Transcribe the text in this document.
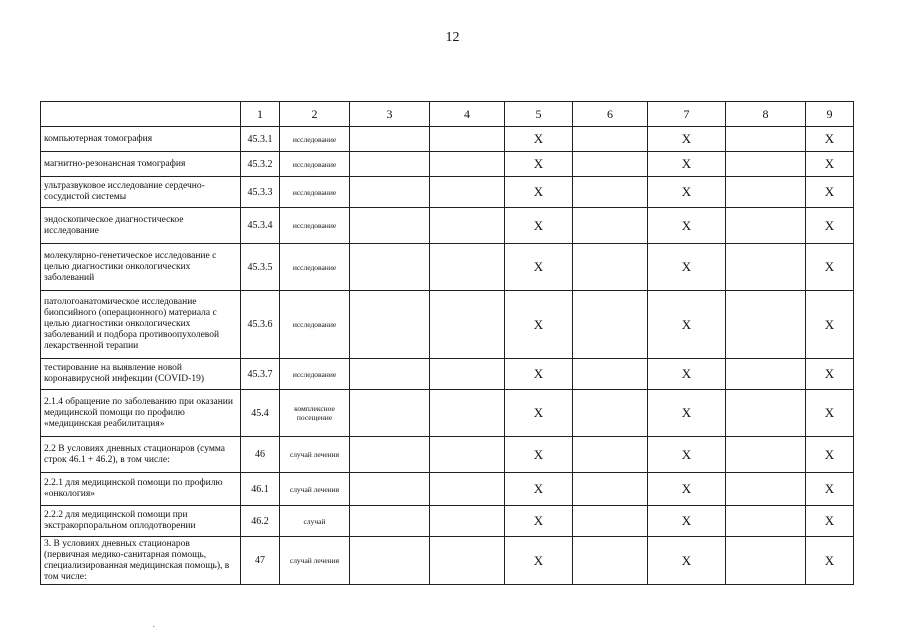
12
	1	2	3	4	5	6	7	8	9
компьютерная томография	45.3.1	исследование			X		X		X
магнитно-резонансная томография	45.3.2	исследование			X		X		X
ультразвуковое исследование сердечно-сосудистой системы	45.3.3	исследование			X		X		X
эндоскопическое диагностическое исследование	45.3.4	исследование			X		X		X
молекулярно-генетическое исследование с целью диагностики онкологических заболеваний	45.3.5	исследование			X		X		X
патологоанатомическое исследование биопсийного (операционного) материала с целью диагностики онкологических заболеваний и подбора противоопухолевой лекарственной терапии	45.3.6	исследование			X		X		X
тестирование на выявление новой коронавирусной инфекции (COVID-19)	45.3.7	исследование			X		X		X
2.1.4 обращение по заболеванию при оказании медицинской помощи по профилю «медицинская реабилитация»	45.4	комплексное посещение			X		X		X
2.2 В условиях дневных стационаров (сумма строк 46.1 + 46.2), в том числе:	46	случай лечения			X		X		X
2.2.1 для медицинской помощи по профилю «онкология»	46.1	случай лечения			X		X		X
2.2.2 для медицинской помощи при экстракорпоральном оплодотворении	46.2	случай			X		X		X
3. В условиях дневных стационаров (первичная медико-санитарная помощь, специализированная медицинская помощь), в том числе:	47	случай лечения			X		X		X
·
